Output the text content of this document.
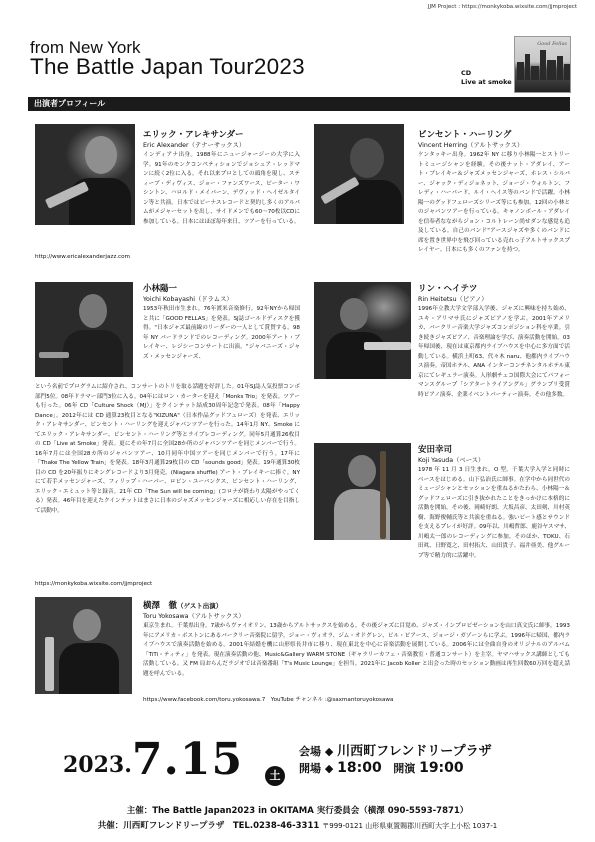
JJM Project : https://monkykoba.wixsite.com/jjmproject
from New York
The Battle Japan Tour2023	CD
Live at smoke
Good Fellas
出演者プロフィール
エリック・アレキサンダー
Eric Alexander（テナーサックス）
インディアナ出身。1988年にニュージャージーの大学に入学。91年のモンクコンペティションでジョシュア・レッドマンに続く2位に入る。それ以来プロとしての頭角を現し、スティーブ・ディヴィス、ジョー・ファンズワース、ピーター・ワシントン、ハロルド・メイバーン、デヴィッド・ヘイゼルタイン等と共演。日本ではビーナスレコードと契約し多くのアルバムがメジャーセットを出し、サイドメンでも60〜70枚以CDに参加している。日本にはほぼ毎年来日、ツアーを行っている。
http://www.ericalexanderjazz.com
ビンセント・ハーリング
Vincent Herring（アルトサックス）
ケンタッキー出身。1962年 NY に移り小林陽一とストリートミュージシャンを経験。その後ナット・アダレイ、アート・ブレイキー＆ジャズメッセンジャーズ、ホレス・シルバー、ジャック・ディジョネット、ジョージ・ウォルトン、フレディ・ハーバード、ルイ・ヘイス等のバンドで活躍。小林陽一のグッドフェローズシリーズ等にも参加。12回の小林とのジャパンツアーを行っている。キャノンボール・アダレイを信奉者なながらジョン・コルトレーン尚せダンな感覚も追及している。自己のバンド"アースジャズや多くのバンドに席を置き世界中を飛び回っている売れっ子アルトサックスプレイヤー。日本にも多くのファンを持つ。
小林陽一
Yoichi Kobayashi（ドラムス）
1953年秋田市生まれ。76年渡米音楽修行。92年NYから帰国と共に「GOOD FELLAS」を発表。SJ誌ゴールドディスクを獲得。"日本ジャズ最前線のリーダーの一人として賞賛する。98年 NY バードランドでのレコーディング。2000年アート・ブレイキー、レジシーコンサートに出演。"ジャバニーズ・ジャズ・メッセンジャーズ、
という名前でプログラムに紹介され、コンサートのトリを取る話題を好評した。01年SJ誌人気投票コンボ部門5位。08年ドラマー部門3位に入る。04年にはロン・カーターを迎え「Monks Trio」を発表。ツアーも行った。06年 CD「Culture Shock（MJ）」をクインテット結成30周年記念で発表。08年「Happy Dance」。2012年には CD 通算23枚目となる"KIZUNA"（日本作品グッドフェローズ）を発表、エリック・アレキサンダー、ビンセント・ハーリングを迎えジャパンツアーを行った。14年1月 NY、Smoke にてエリック・アレキサンダー、ビンセント・ハーリング等とライブレコーディング。同年5月通算26枚目の CD「Live at Smoke」発表。更にその年7月に全国28か所のジャパンツアーを同じメンバーで行う。16年7月には全国28カ所のジャパンツアー、10月同年中国ツアーを同じメンバーで行う。17年に「Thake The Yellow Train」を発表。18年3月通算29枚目の CD「sounds good」発表。19年通算30枚目の CD を20年振りにキングレコードより3月発売。(Niagara shuffle) アート・ブレイキーに捧ぐ。NY にて若手メッセンジャーズ、フィリップ・ハーパー、ロビン・ユーバンクス、ビンセント・ハーリング、エリック・エミュット等と録音。21年 CD「The Sun will be coming」(コロナが終わり太陽がやってくる）発表。46年目を迎えたクインテットはまさに日本のジャズメッセンジャーズに相応しい存在を目指して活動中。
https://monkykoba.wixsite.com/jjmproject
リン・ヘイテツ
Rin Heitetsu（ピアノ）
1996年立教大学文学部入学後、ジャズに興味を持ち始め、ユキ・アリマサ氏にジャズピアノを学ぶ。2001年アメリカ、バークリー音楽大学ジャズコンポジション科を卒業。引き続きジャズピアノ、音楽理論を学び、演奏活動を開始。03年帰国後、現在は東京都内ライブハウスを中心に多方面で活動している。横浜上町63、代々木 naru、他都内ライブハウス演奏。帝国ホテル、ANA インターコンチネンタルホテル東京にてレギュラー演奏。人形劇チェコ国際大会にてパフォーマンスグループ「シアタートライアングル」グランプリ受賞時ピアノ演奏、企業イベントパーティー演奏。その他多数。
安田幸司
Koji Yasuda（ベース）
1978 年 11 月 3 日生まれ。O 型。千葉大学入学と同時にベースをはじめる。山下弘治氏に師事。在学中から同世代のミュージシャンとセッションを重ねるかたわら、小林陽一＆グッドフェローズに引き抜かれたことをきっかけに本格的に活動を開始。その後、岡崎好朗、大坂昌彦、太田剣、川村英樹、海野俊輔氏等と共演を重ねる。強いビート感とサウンドを支えるプレイが好評。09年以、川嶋哲郎、鹿谷ヤスマサ、川嶋太一郎のレコーディングに参加。そのほか、TOKU、石田眞、日野寛之、田村拓大、山田貴子、福井亜美、他グループ等で精力的に活躍中。
横澤　徹（ゲスト出演）
Toru Yokosawa（アルトサックス）
東京生まれ。千葉県出身。7歳からヴァイオリン、13歳からアルトサックスを始める。その後ジャズに目覚め、ジャズ・インプロビゼーションを山口真文氏に師事。1993年にアメリカ・ボストンにあるバークリー音楽院に留学。ジョー・ヴィオラ、ジム・オドグレン、ビル・ピアース、ジョージ・ガゾーンらに学ぶ。1996年に帰国、都内ライブハウスで演奏活動を始める。2001年結婚を機に山形県長井市に移り、現在東北を中心に音楽活動を展開している。2006年には全曲自身のオリジナルのアルバム「TiTi・ティティ」を発表。現在演奏活動の他、Music&Gallery WARM STONE（ギャラリーカフェ・音楽教室・普通コンサート）を主宰。ヤマハサックス講師としても活動している。又 FM 局おらんだラジオでは音楽番組「T's Music Lounge」を担当。2021年に Jacob Koller と出会った時のセッション動画は再生回数60万回を超え話題を呼んでいる。
https://www.facebook.com/toru.yokosawa.7　YouTube チャンネル :@saxmantoruyokosawa
2023.7.15	土
会場 ◆ 川西町フレンドリープラザ
開場 ◆ 18:00 開演 19:00
主催：The Battle Japan2023 in OKITAMA 実行委員会（横澤 090-5593-7871）
共催：川西町フレンドリープラザ　TEL.0238-46-3311 〒999-0121 山形県東置賜郡川西町大字上小松 1037-1
